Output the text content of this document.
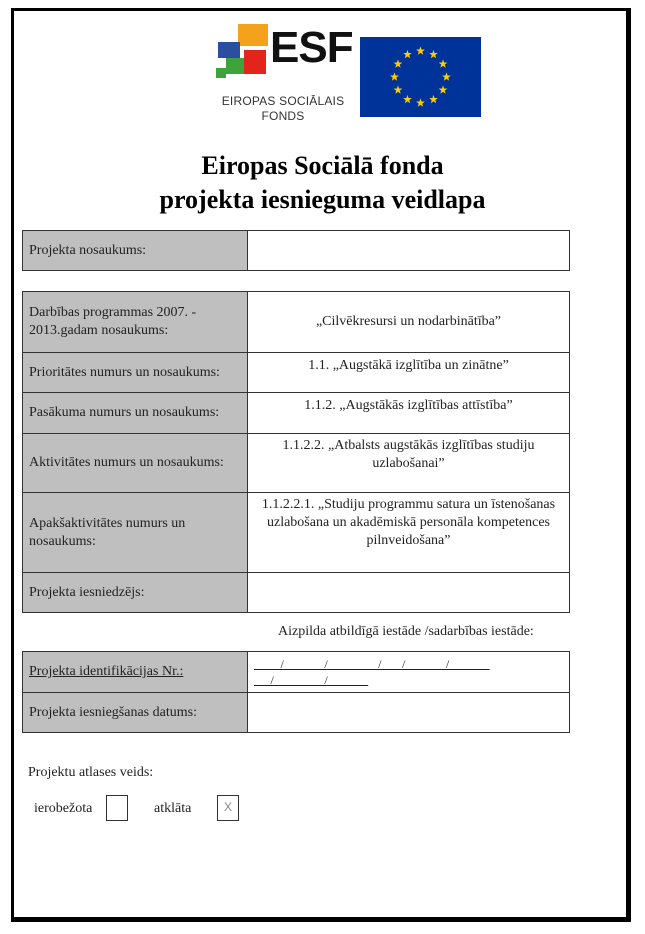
ESF
EIROPAS SOCIĀLAIS
FONDS
Eiropas Sociālā fonda
projekta iesnieguma veidlapa
Projekta nosaukums:	
Darbības programmas 2007. - 2013.gadam nosaukums:	„Cilvēkresursi un nodarbinātība”
Prioritātes numurs un nosaukums:	1.1. „Augstākā izglītība un zinātne”
Pasākuma numurs un nosaukums:	1.1.2. „Augstākās izglītības attīstība”
Aktivitātes numurs un nosaukums:	1.1.2.2. „Atbalsts augstākās izglītības studiju uzlabošanai”
Apakšaktivitātes numurs un nosaukums:	1.1.2.2.1. „Studiju programmu satura un īstenošanas uzlabošana un akadēmiskā personāla kompetences pilnveidošana”
Projekta iesniedzējs:	
Aizpilda atbildīgā iestāde /sadarbības iestāde:
Projekta identifikācijas Nr.:	_ _ _/ _ _ _ _/ _ _ _ _ _/ _ _/ _ _ _ _/ _ _ _ _
_ _/ _ _ _ _ _/ _ _ _ _

Projekta iesniegšanas datums:	
Projektu atlases veids:
ierobežota	atklāta	X
